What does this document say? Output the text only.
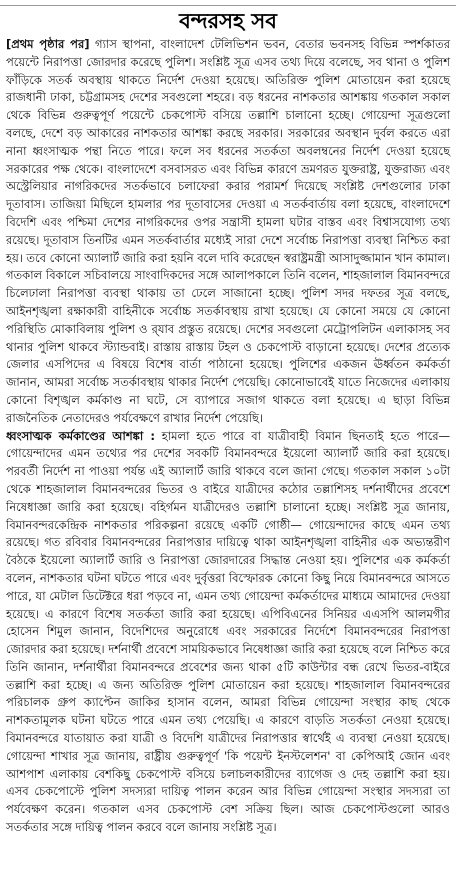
বন্দরসহ সব

[প্রথম পৃষ্ঠার পর] গ্যাস স্থাপনা, বাংলাদেশ টেলিভিশন ভবন, বেতার ভবনসহ বিভিন্ন স্পর্শকাতর পয়েন্টে নিরাপত্তা জোরদার করেছে পুলিশ। সংশ্লিষ্ট সূত্র এসব তথ্য দিয়ে বলেছে, সব থানা ও পুলিশ ফাঁড়িকে সতর্ক অবস্থায় থাকতে নির্দেশ দেওয়া হয়েছে। অতিরিক্ত পুলিশ মোতায়েন করা হয়েছে রাজধানী ঢাকা, চট্টগ্রামসহ দেশের সবগুলো শহরে। বড় ধরনের নাশকতার আশঙ্কায় গতকাল সকাল থেকে বিভিন্ন গুরুত্বপূর্ণ পয়েন্টে চেকপোস্ট বসিয়ে তল্লাশি চালানো হচ্ছে। গোয়েন্দা সূত্রগুলো বলছে, দেশে বড় আকারের নাশকতার আশঙ্কা করছে সরকার। সরকারের অবস্থান দুর্বল করতে এরা নানা ধ্বংসাত্মক পন্থা নিতে পারে। ফলে সব ধরনের সতর্কতা অবলম্বনের নির্দেশ দেওয়া হয়েছে সরকারের পক্ষ থেকে। বাংলাদেশে বসবাসরত এবং বিভিন্ন কারণে ভ্রমণরত যুক্তরাষ্ট্র, যুক্তরাজ্য এবং অস্ট্রেলিয়ার নাগরিকদের সতর্কভাবে চলাফেরা করার পরামর্শ দিয়েছে সংশ্লিষ্ট দেশগুলোর ঢাকা দূতাবাস। তাজিয়া মিছিলে হামলার পর দূতাবাসের দেওয়া এ সতর্কবার্তায় বলা হয়েছে, বাংলাদেশে বিদেশি এবং পশ্চিমা দেশের নাগরিকদের ওপর সন্ত্রাসী হামলা ঘটার বাস্তব এবং বিশ্বাসযোগ্য তথ্য রয়েছে। দূতাবাস তিনটির এমন সতর্কবার্তার মধ্যেই সারা দেশে সর্বোচ্চ নিরাপত্তা ব্যবস্থা নিশ্চিত করা হয়। তবে কোনো অ্যালার্ট জারি করা হয়নি বলে দাবি করেছেন স্বরাষ্ট্রমন্ত্রী আসাদুজ্জামান খান কামাল। গতকাল বিকালে সচিবালয়ে সাংবাদিকদের সঙ্গে আলাপকালে তিনি বলেন, শাহজালাল বিমানবন্দরে চিলেঢালা নিরাপত্তা ব্যবস্থা থাকায় তা ঢেলে সাজানো হচ্ছে। পুলিশ সদর দফতর সূত্র বলছে, আইনশৃঙ্খলা রক্ষাকারী বাহিনীকে সর্বোচ্চ সতর্কাবস্থায় রাখা হয়েছে। যে কোনো সময়ে যে কোনো পরিস্থিতি মোকাবিলায় পুলিশ ও র্‍যাব প্রস্তুত রয়েছে। দেশের সবগুলো মেট্রোপলিটন এলাকাসহ সব থানার পুলিশ থাকবে স্ট্যান্ডবাই। রাস্তায় রাস্তায় টহল ও চেকপোস্ট বাড়ানো হয়েছে। দেশের প্রত্যেক জেলার এসপিদের এ বিষয়ে বিশেষ বার্তা পাঠানো হয়েছে। পুলিশের একজন ঊর্ধ্বতন কর্মকর্তা জানান, আমরা সর্বোচ্চ সতর্কাবস্থায় থাকার নির্দেশ পেয়েছি। কোনোভাবেই যাতে নিজেদের এলাকায় কোনো বিশৃঙ্খল কর্মকাণ্ড না ঘটে, সে ব্যাপারে সজাগ থাকতে বলা হয়েছে। এ ছাড়া বিভিন্ন রাজনৈতিক নেতাদেরও পর্যবেক্ষণে রাখার নির্দেশ পেয়েছি।

ধ্বংসাত্মক কর্মকাণ্ডের আশঙ্কা : হামলা হতে পারে বা যাত্রীবাহী বিমান ছিনতাই হতে পারে— গোয়েন্দাদের এমন তথ্যের পর দেশের সবকটি বিমানবন্দরে ইয়েলো অ্যালার্ট জারি করা হয়েছে। পরবর্তী নির্দেশ না পাওয়া পর্যন্ত এই অ্যালার্ট জারি থাকবে বলে জানা গেছে। গতকাল সকাল ১০টা থেকে শাহজালাল বিমানবন্দরের ভিতর ও বাইরে যাত্রীদের কঠোর তল্লাশিসহ দর্শনার্থীদের প্রবেশে নিষেধাজ্ঞা জারি করা হয়েছে। বহির্গমন যাত্রীদেরও তল্লাশি চালানো হচ্ছে। সংশ্লিষ্ট সূত্র জানায়, বিমানবন্দরকেন্দ্রিক নাশকতার পরিকল্পনা রয়েছে একটি গোষ্ঠী— গোয়েন্দাদের কাছে এমন তথ্য রয়েছে। গত রবিবার বিমানবন্দরের নিরাপত্তার দায়িত্বে থাকা আইনশৃঙ্খলা বাহিনীর এক অভ্যন্তরীণ বৈঠকে ইয়েলো অ্যালার্ট জারি ও নিরাপত্তা জোরদারের সিদ্ধান্ত নেওয়া হয়। পুলিশের এক কর্মকর্তা বলেন, নাশকতার ঘটনা ঘটতে পারে এবং দুর্বৃত্তরা বিস্ফোরক কোনো কিছু নিয়ে বিমানবন্দরে আসতে পারে, যা মেটাল ডিটেক্টরে ধরা পড়বে না, এমন তথ্য গোয়েন্দা কর্মকর্তাদের মাধ্যমে আমাদের দেওয়া হয়েছে। এ কারণে বিশেষ সতর্কতা জারি করা হয়েছে। এপিবিএনের সিনিয়র এএসপি আলমগীর হোসেন শিমুল জানান, বিদেশিদের অনুরোধে এবং সরকারের নির্দেশে বিমানবন্দরের নিরাপত্তা জোরদার করা হয়েছে। দর্শনার্থী প্রবেশে সাময়িকভাবে নিষেধাজ্ঞা জারি করা হয়েছে বলে নিশ্চিত করে তিনি জানান, দর্শনার্থীরা বিমানবন্দরে প্রবেশের জন্য থাকা ৫টি কাউন্টার বন্ধ রেখে ভিতর-বাইরে তল্লাশি করা হচ্ছে। এ জন্য অতিরিক্ত পুলিশ মোতায়েন করা হয়েছে। শাহজালাল বিমানবন্দরের পরিচালক গ্রুপ ক্যাপ্টেন জাকির হাসান বলেন, আমরা বিভিন্ন গোয়েন্দা সংস্থার কাছ থেকে নাশকতামূলক ঘটনা ঘটতে পারে এমন তথ্য পেয়েছি। এ কারণে বাড়তি সতর্কতা নেওয়া হয়েছে। বিমানবন্দরে যাতায়াত করা যাত্রী ও বিদেশি যাত্রীদের নিরাপত্তার স্বার্থেই এ ব্যবস্থা নেওয়া হয়েছে। গোয়েন্দা শাখার সূত্র জানায়, রাষ্ট্রীয় গুরুত্বপূর্ণ 'কি পয়েন্ট ইনস্টলেশন' বা কেপিআই জোন এবং আশপাশ এলাকায় বেশকিছু চেকপোস্ট বসিয়ে চলাচলকারীদের ব্যাগেজ ও দেহ তল্লাশি করা হয়। এসব চেকপোস্টে পুলিশ সদস্যরা দায়িত্ব পালন করেন আর বিভিন্ন গোয়েন্দা সংস্থার সদস্যরা তা পর্যবেক্ষণ করেন। গতকাল এসব চেকপোস্ট বেশ সক্রিয় ছিল। আজ চেকপোস্টগুলো আরও সতর্কতার সঙ্গে দায়িত্ব পালন করবে বলে জানায় সংশ্লিষ্ট সূত্র।
